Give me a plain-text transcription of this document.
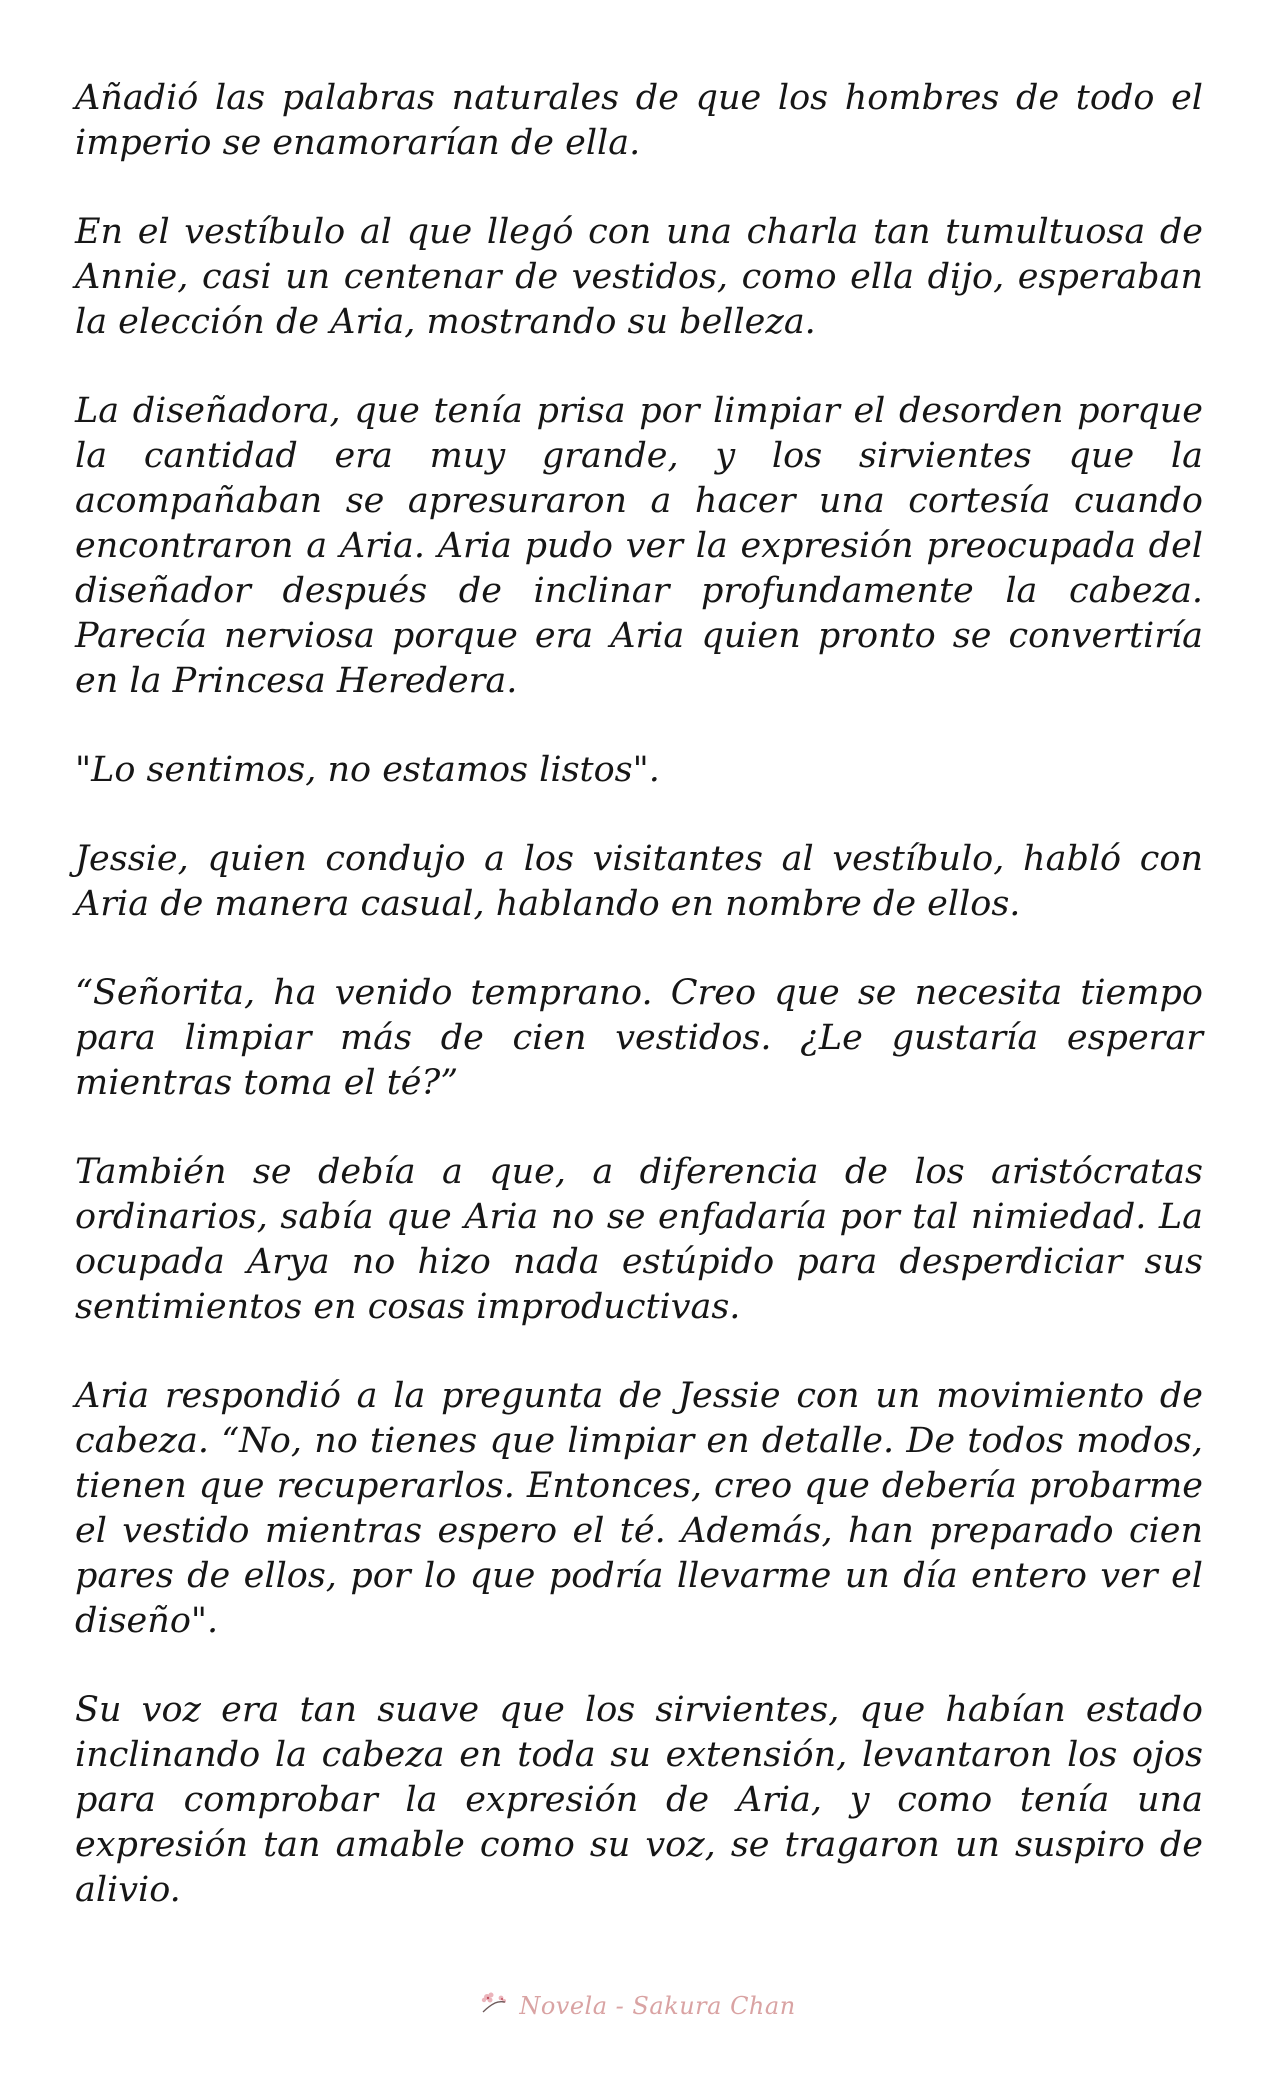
Añadió las palabras naturales de que los hombres de todo el imperio se enamorarían de ella.

En el vestíbulo al que llegó con una charla tan tumultuosa de Annie, casi un centenar de vestidos, como ella dijo, esperaban la elección de Aria, mostrando su belleza.

La diseñadora, que tenía prisa por limpiar el desorden porque la cantidad era muy grande, y los sirvientes que la acompañaban se apresuraron a hacer una cortesía cuando encontraron a Aria. Aria pudo ver la expresión preocupada del diseñador después de inclinar profundamente la cabeza. Parecía nerviosa porque era Aria quien pronto se convertiría en la Princesa Heredera.

"Lo sentimos, no estamos listos".

Jessie, quien condujo a los visitantes al vestíbulo, habló con Aria de manera casual, hablando en nombre de ellos.

“Señorita, ha venido temprano. Creo que se necesita tiempo para limpiar más de cien vestidos. ¿Le gustaría esperar mientras toma el té?”

También se debía a que, a diferencia de los aristócratas ordinarios, sabía que Aria no se enfadaría por tal nimiedad. La ocupada Arya no hizo nada estúpido para desperdiciar sus sentimientos en cosas improductivas.

Aria respondió a la pregunta de Jessie con un movimiento de cabeza. “No, no tienes que limpiar en detalle. De todos modos, tienen que recuperarlos. Entonces, creo que debería probarme el vestido mientras espero el té. Además, han preparado cien pares de ellos, por lo que podría llevarme un día entero ver el diseño".

Su voz era tan suave que los sirvientes, que habían estado inclinando la cabeza en toda su extensión, levantaron los ojos para comprobar la expresión de Aria, y como tenía una expresión tan amable como su voz, se tragaron un suspiro de alivio.

Novela - Sakura Chan
